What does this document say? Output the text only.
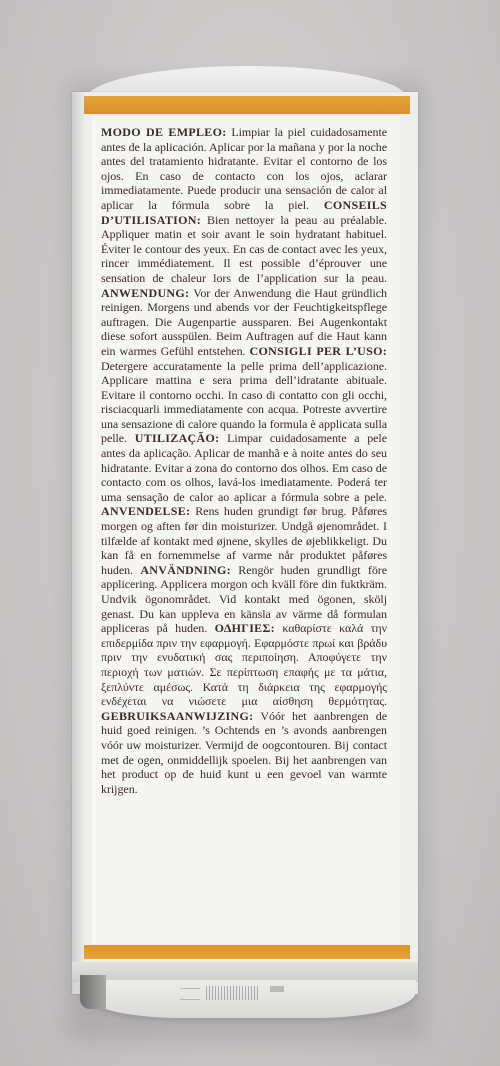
MODO DE EMPLEO: Limpiar la piel cuidadosamente antes de la aplicación. Aplicar por la mañana y por la noche antes del tratamiento hidratante. Evitar el contorno de los ojos. En caso de contacto con los ojos, aclarar immediatamente. Puede producir una sensación de calor al aplicar la fórmula sobre la piel. CONSEILS D’UTILISATION: Bien nettoyer la peau au préalable. Appliquer matin et soir avant le soin hydratant habituel. Éviter le contour des yeux. En cas de contact avec les yeux, rincer immédiatement. Il est possible d’éprouver une sensation de chaleur lors de l’application sur la peau. ANWENDUNG: Vor der Anwendung die Haut gründlich reinigen. Morgens und abends vor der Feuchtigkeitspflege auftragen. Die Augenpartie aussparen. Bei Augenkontakt diese sofort ausspülen. Beim Auftragen auf die Haut kann ein warmes Gefühl entstehen. CONSIGLI PER L’USO: Detergere accuratamente la pelle prima dell’applicazione. Applicare mattina e sera prima dell’idratante abituale. Evitare il contorno occhi. In caso di contatto con gli occhi, risciacquarli immediatamente con acqua. Potreste avvertire una sensazione di calore quando la formula è applicata sulla pelle. UTILIZAÇÃO: Limpar cuidadosamente a pele antes da aplicação. Aplicar de manhã e à noite antes do seu hidratante. Evitar a zona do contorno dos olhos. Em caso de contacto com os olhos, lavá-los imediatamente. Poderá ter uma sensação de calor ao aplicar a fórmula sobre a pele. ANVENDELSE: Rens huden grundigt før brug. Påføres morgen og aften før din moisturizer. Undgå øjenområdet. I tilfælde af kontakt med øjnene, skylles de øjeblikkeligt. Du kan få en fornemmelse af varme når produktet påføres huden. ANVÄNDNING: Rengör huden grundligt före applicering. Applicera morgon och kväll före din fuktkräm. Undvik ögonområdet. Vid kontakt med ögonen, skölj genast. Du kan uppleva en känsla av värme då formulan appliceras på huden. ΟΔΗΓΙΕΣ: καθαρίστε καλά την επιδερμίδα πριν την εφαρμογή. Εφαρμόστε πρωί και βράδυ πριν την ενυδατική σας περιποίηση. Αποφύγετε την περιοχή των ματιών. Σε περίπτωση επαφής με τα μάτια, ξεπλύντε αμέσως. Κατά τη διάρκεια της εφαρμογής ενδέχεται να νιώσετε μια αίσθηση θερμότητας. GEBRUIKSAANWIJZING: Vóór het aanbrengen de huid goed reinigen. ’s Ochtends en ’s avonds aanbrengen vóór uw moisturizer. Vermijd de oogcontouren. Bij contact met de ogen, onmiddellijk spoelen. Bij het aanbrengen van het product op de huid kunt u een gevoel van warmte krijgen.
